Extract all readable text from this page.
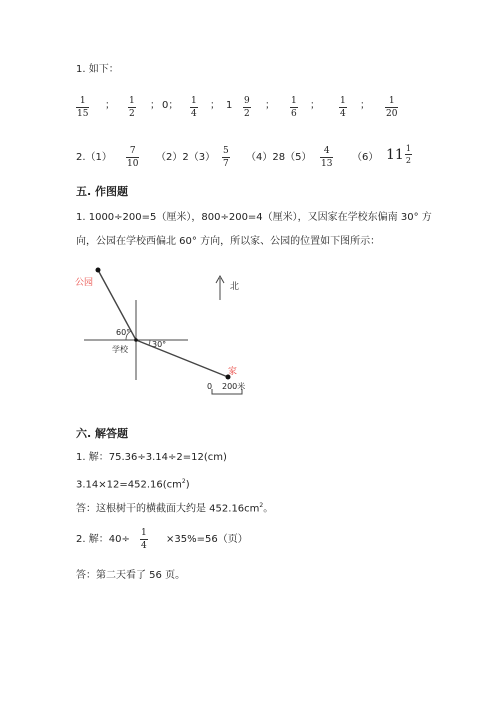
1. 如下：
1
15
； 1
2
； 0； 1
4
； 1 9
2
； 1
6
； 1
4
； 1
20
2.（1）
7
10
（2）2（3）
5
7
（4）28（5）
4
13
（6） $11 \frac{1}{2}$
五. 作图题
1. 1000÷200=5（厘米），800÷200=4（厘米），又因家在学校东偏南 30° 方
向，公园在学校西偏北 60° 方向，所以家、公园的位置如下图所示：
公园	北
60°
30°
学校
家
0 200米
六. 解答题
1. 解：75.36÷3.14÷2=12(cm)
$3.14\times 12=452.16(cm^2)$
答：这根树干的横截面大约是 $452.16cm^2$。
2. 解：40÷
1
4
×35%=56（页）
答：第二天看了 56 页。
